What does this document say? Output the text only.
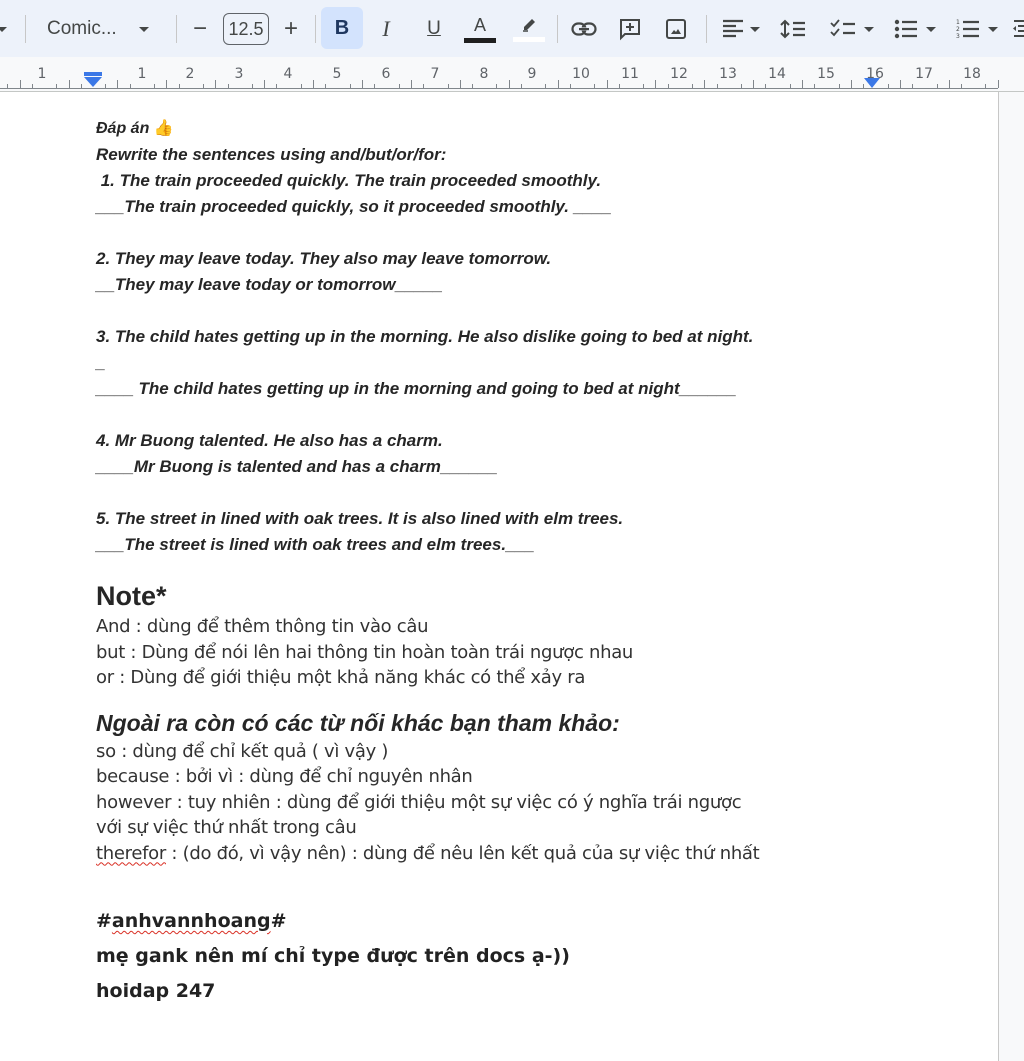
Comic...	−	12.5 +	B	I	U	A	1
2
3
1	1	2	3	4	5	6	7	8	9	10 11 12 13 14 15 16 17 18
Đáp án 👍
Rewrite the sentences using and/but/or/for:
1. The train proceeded quickly. The train proceeded smoothly.
___The train proceeded quickly, so it proceeded smoothly. ____
2. They may leave today. They also may leave tomorrow.
__They may leave today or tomorrow_____
3. The child hates getting up in the morning. He also dislike going to bed at night.
_
____ The child hates getting up in the morning and going to bed at night______
4. Mr Buong talented. He also has a charm.
____Mr Buong is talented and has a charm______
5. The street in lined with oak trees. It is also lined with elm trees.
___The street is lined with oak trees and elm trees.___
Note*
And : dùng để thêm thông tin vào câu
but : Dùng để nói lên hai thông tin hoàn toàn trái ngược nhau
or : Dùng để giới thiệu một khả năng khác có thể xảy ra
Ngoài ra còn có các từ nối khác bạn tham khảo:
so : dùng để chỉ kết quả ( vì vậy )
because : bởi vì : dùng để chỉ nguyên nhân
however : tuy nhiên : dùng để giới thiệu một sự việc có ý nghĩa trái ngược
với sự việc thứ nhất trong câu
therefor : (do đó, vì vậy nên) : dùng để nêu lên kết quả của sự việc thứ nhất
#anhvannhoang#
mẹ gank nên mí chỉ type được trên docs ạ-))
hoidap 247
